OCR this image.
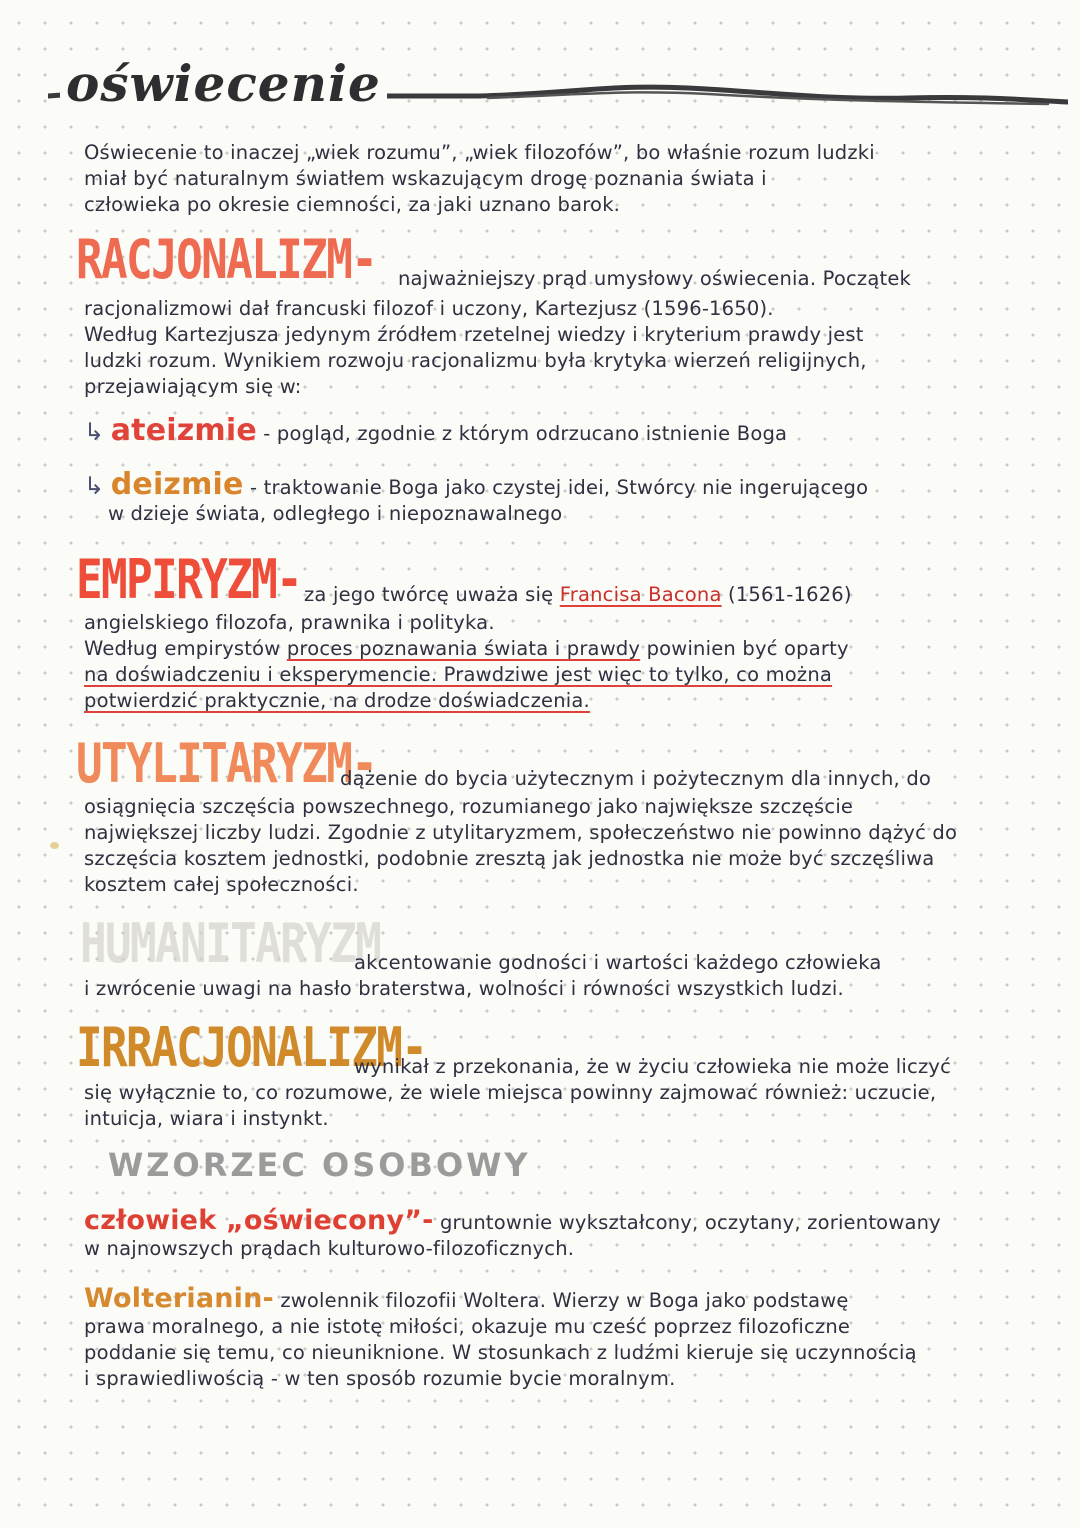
oświecenie
Oświecenie to inaczej „wiek rozumu”, „wiek filozofów”, bo właśnie rozum ludzki
miał być naturalnym światłem wskazującym drogę poznania świata i
człowieka po okresie ciemności, za jaki uznano barok.
RACJONALIZM- najważniejszy prąd umysłowy oświecenia. Początek
racjonalizmowi dał francuski filozof i uczony, Kartezjusz (1596-1650).
Według Kartezjusza jedynym źródłem rzetelnej wiedzy i kryterium prawdy jest
ludzki rozum. Wynikiem rozwoju racjonalizmu była krytyka wierzeń religijnych,
przejawiającym się w:
↳ ateizmie - pogląd, zgodnie z którym odrzucano istnienie Boga
↳ deizmie - traktowanie Boga jako czystej idei, Stwórcy nie ingerującego
w dzieje świata, odległego i niepoznawalnego
EMPIRYZM- za jego twórcę uważa się Francisa Bacona (1561-1626)
angielskiego filozofa, prawnika i polityka.
Według empirystów proces poznawania świata i prawdy powinien być oparty
na doświadczeniu i eksperymencie. Prawdziwe jest więc to tylko, co można
potwierdzić praktycznie, na drodze doświadczenia.
UTYLITARYZM-
dążenie do bycia użytecznym i pożytecznym dla innych, do
osiągnięcia szczęścia powszechnego, rozumianego jako największe szczęście
największej liczby ludzi. Zgodnie z utylitaryzmem, społeczeństwo nie powinno dążyć do
szczęścia kosztem jednostki, podobnie zresztą jak jednostka nie może być szczęśliwa
kosztem całej społeczności.
HUMANITARYZM
akcentowanie godności i wartości każdego człowieka
i zwrócenie uwagi na hasło braterstwa, wolności i równości wszystkich ludzi.
IRRACJONALIZM-
wynikał z przekonania, że w życiu człowieka nie może liczyć
się wyłącznie to, co rozumowe, że wiele miejsca powinny zajmować również: uczucie,
intuicja, wiara i instynkt.
WZORZEC OSOBOWY
człowiek „oświecony”- gruntownie wykształcony, oczytany, zorientowany
w najnowszych prądach kulturowo-filozoficznych.
Wolterianin- zwolennik filozofii Woltera. Wierzy w Boga jako podstawę
prawa moralnego, a nie istotę miłości, okazuje mu cześć poprzez filozoficzne
poddanie się temu, co nieuniknione. W stosunkach z ludźmi kieruje się uczynnością
i sprawiedliwością - w ten sposób rozumie bycie moralnym.
